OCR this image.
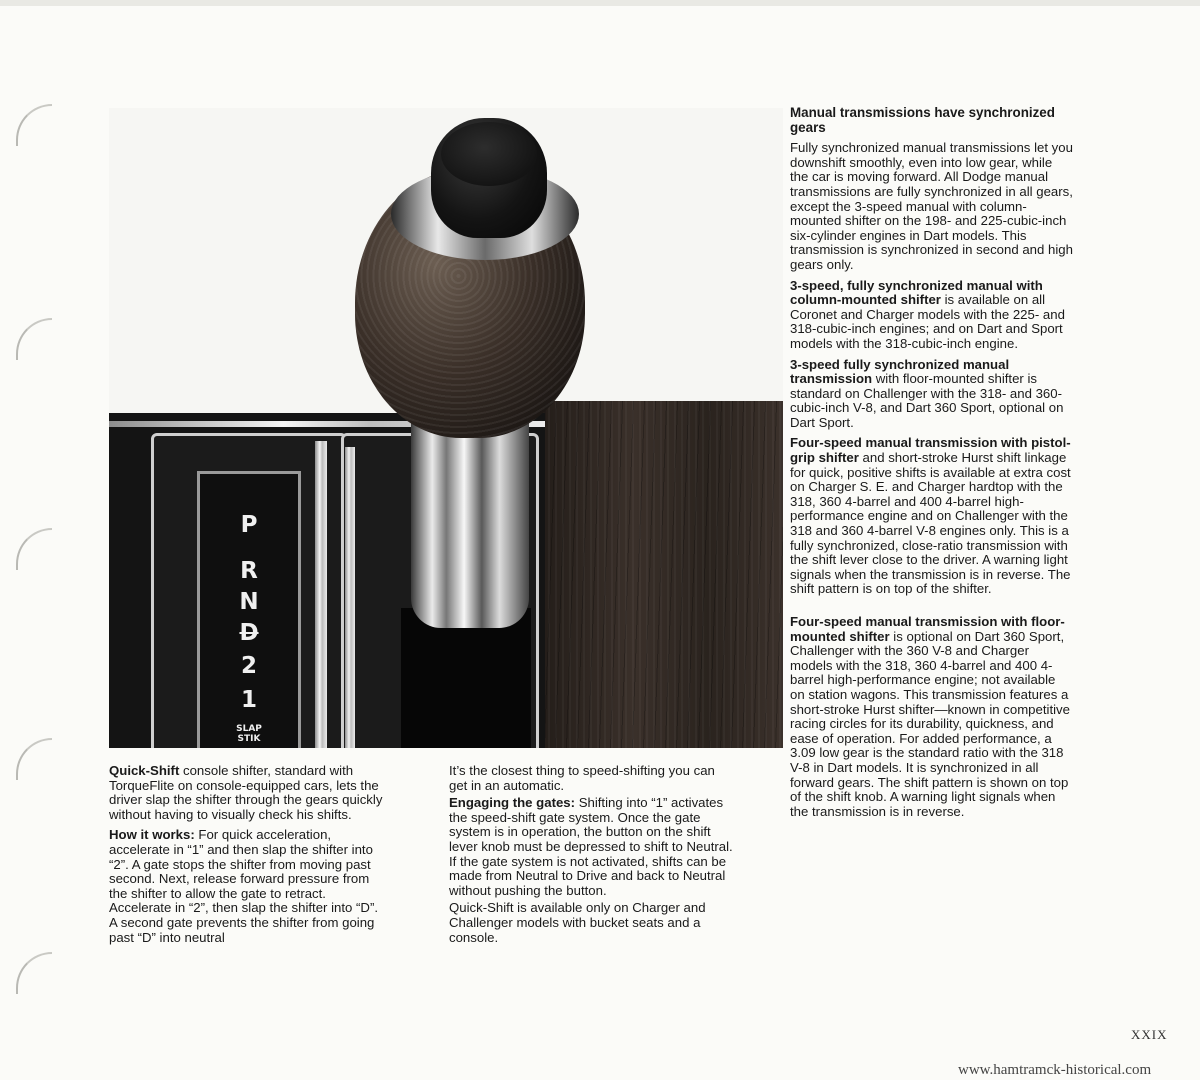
P
R
N
D
2
1
SLAP
STIK

Quick-Shift console shifter, standard with TorqueFlite on console-equipped cars, lets the driver slap the shifter through the gears quickly without having to visually check his shifts.

How it works: For quick acceleration, accelerate in “1” and then slap the shifter into “2”. A gate stops the shifter from moving past second. Next, release forward pressure from the shifter to allow the gate to retract. Accelerate in “2”, then slap the shifter into “D”. A second gate prevents the shifter from going past “D” into neutral

It’s the closest thing to speed-shifting you can get in an automatic.

Engaging the gates: Shifting into “1” activates the speed-shift gate system. Once the gate system is in operation, the button on the shift lever knob must be depressed to shift to Neutral. If the gate system is not activated, shifts can be made from Neutral to Drive and back to Neutral without pushing the button.

Quick-Shift is available only on Charger and Challenger models with bucket seats and a console.

Manual transmissions have synchronized gears

Fully synchronized manual transmissions let you downshift smoothly, even into low gear, while the car is moving forward. All Dodge manual transmissions are fully synchronized in all gears, except the 3-speed manual with column-mounted shifter on the 198- and 225-cubic-inch six-cylinder engines in Dart models. This transmission is synchronized in second and high gears only.

3-speed, fully synchronized manual with column-mounted shifter is available on all Coronet and Charger models with the 225- and 318-cubic-inch engines; and on Dart and Sport models with the 318-cubic-inch engine.

3-speed fully synchronized manual transmission with floor-mounted shifter is standard on Challenger with the 318- and 360-cubic-inch V-8, and Dart 360 Sport, optional on Dart Sport.

Four-speed manual transmission with pistol-grip shifter and short-stroke Hurst shift linkage for quick, positive shifts is available at extra cost on Charger S. E. and Charger hardtop with the 318, 360 4-barrel and 400 4-barrel high-performance engine and on Challenger with the 318 and 360 4-barrel V-8 engines only. This is a fully synchronized, close-ratio transmission with the shift lever close to the driver. A warning light signals when the transmission is in reverse. The shift pattern is on top of the shifter.

Four-speed manual transmission with floor-mounted shifter is optional on Dart 360 Sport, Challenger with the 360 V-8 and Charger models with the 318, 360 4-barrel and 400 4-barrel high-performance engine; not available on station wagons. This transmission features a short-stroke Hurst shifter—known in competitive racing circles for its durability, quickness, and ease of operation. For added performance, a 3.09 low gear is the standard ratio with the 318 V-8 in Dart models. It is synchronized in all forward gears. The shift pattern is shown on top of the shift knob. A warning light signals when the transmission is in reverse.

XXIX
www.hamtramck-historical.com
